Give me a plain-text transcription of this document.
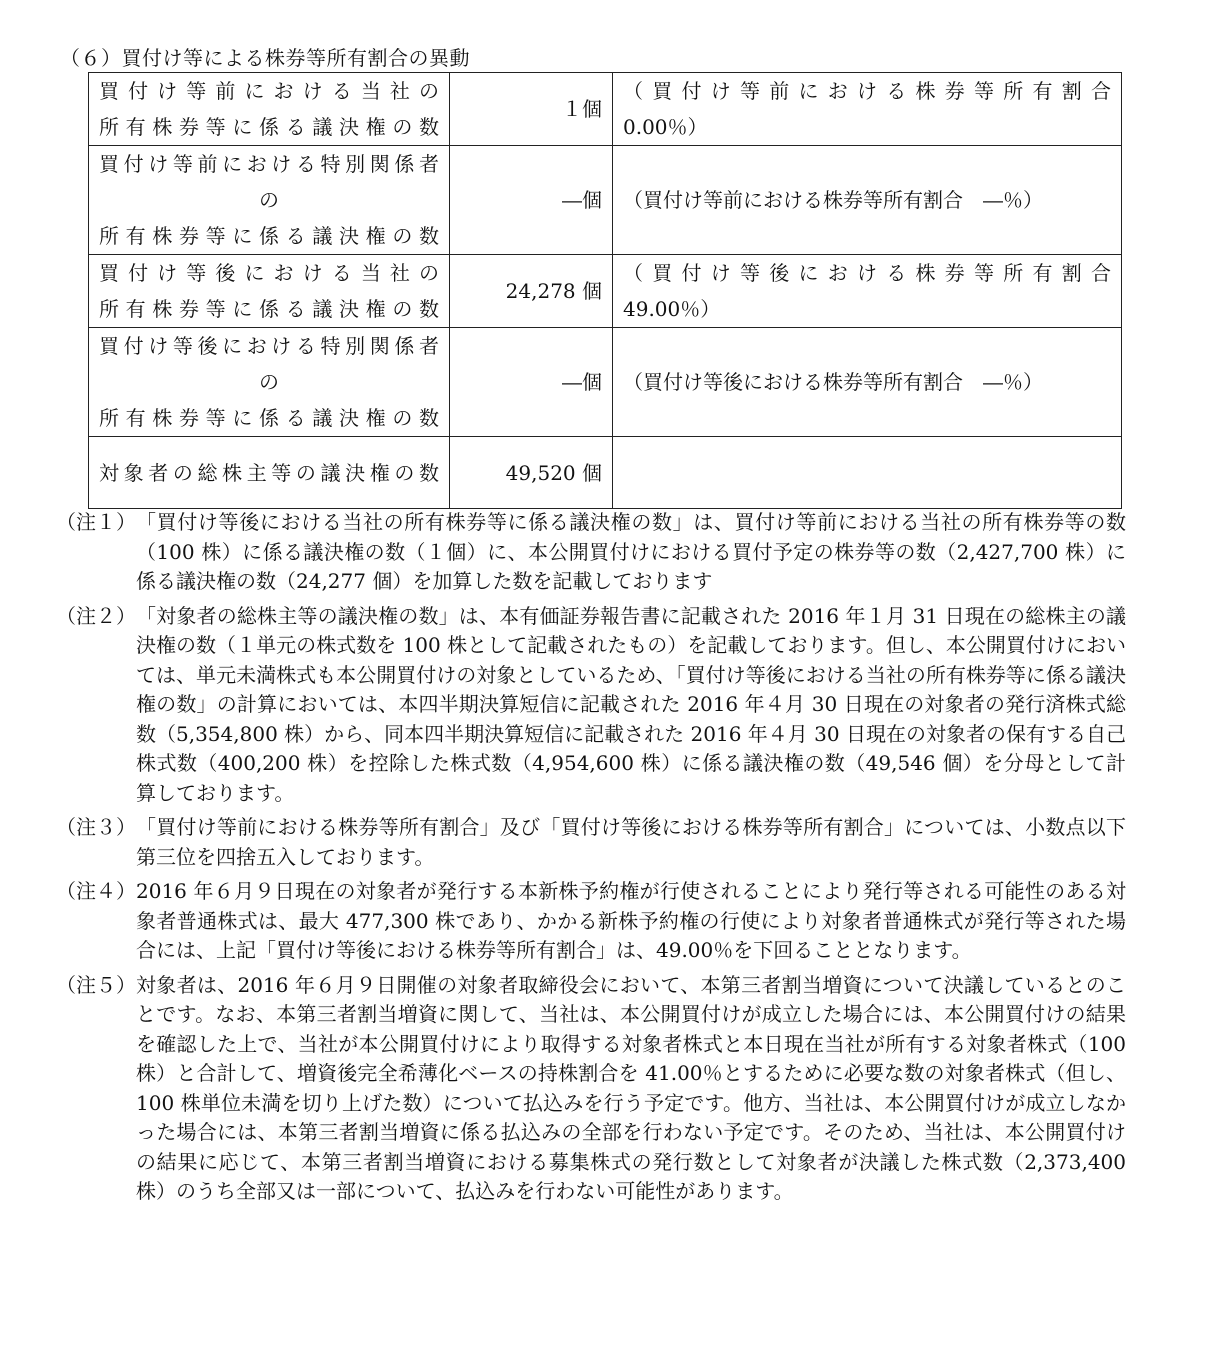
（６）買付け等による株券等所有割合の異動
買付け等前における当社の
所有株券等に係る議決権の数	１個	（買付け等前における株券等所有割合
0.00％）

買付け等前における特別関係者
の
所有株券等に係る議決権の数	―個	（買付け等前における株券等所有割合　―％）

買付け等後における当社の
所有株券等に係る議決権の数	24,278 個	（買付け等後における株券等所有割合
49.00％）

買付け等後における特別関係者
の
所有株券等に係る議決権の数	―個	（買付け等後における株券等所有割合　―％）

対象者の総株主等の議決権の数	49,520 個	
（注１） 「買付け等後における当社の所有株券等に係る議決権の数」は、買付け等前における当社の所有株券等の数（100 株）に係る議決権の数（１個）に、本公開買付けにおける買付予定の株券等の数（2,427,700 株）に係る議決権の数（24,277 個）を加算した数を記載しております
（注２） 「対象者の総株主等の議決権の数」は、本有価証券報告書に記載された 2016 年１月 31 日現在の総株主の議決権の数（１単元の株式数を 100 株として記載されたもの）を記載しております。但し、本公開買付けにおいては、単元未満株式も本公開買付けの対象としているため、「買付け等後における当社の所有株券等に係る議決権の数」の計算においては、本四半期決算短信に記載された 2016 年４月 30 日現在の対象者の発行済株式総数（5,354,800 株）から、同本四半期決算短信に記載された 2016 年４月 30 日現在の対象者の保有する自己株式数（400,200 株）を控除した株式数（4,954,600 株）に係る議決権の数（49,546 個）を分母として計算しております。
（注３） 「買付け等前における株券等所有割合」及び「買付け等後における株券等所有割合」については、小数点以下第三位を四捨五入しております。
（注４） 2016 年６月９日現在の対象者が発行する本新株予約権が行使されることにより発行等される可能性のある対象者普通株式は、最大 477,300 株であり、かかる新株予約権の行使により対象者普通株式が発行等された場合には、上記「買付け等後における株券等所有割合」は、49.00％を下回ることとなります。
（注５） 対象者は、2016 年６月９日開催の対象者取締役会において、本第三者割当増資について決議しているとのことです。なお、本第三者割当増資に関して、当社は、本公開買付けが成立した場合には、本公開買付けの結果を確認した上で、当社が本公開買付けにより取得する対象者株式と本日現在当社が所有する対象者株式（100 株）と合計して、増資後完全希薄化ベースの持株割合を 41.00％とするために必要な数の対象者株式（但し、100 株単位未満を切り上げた数）について払込みを行う予定です。他方、当社は、本公開買付けが成立しなかった場合には、本第三者割当増資に係る払込みの全部を行わない予定です。そのため、当社は、本公開買付けの結果に応じて、本第三者割当増資における募集株式の発行数として対象者が決議した株式数（2,373,400 株）のうち全部又は一部について、払込みを行わない可能性があります。
